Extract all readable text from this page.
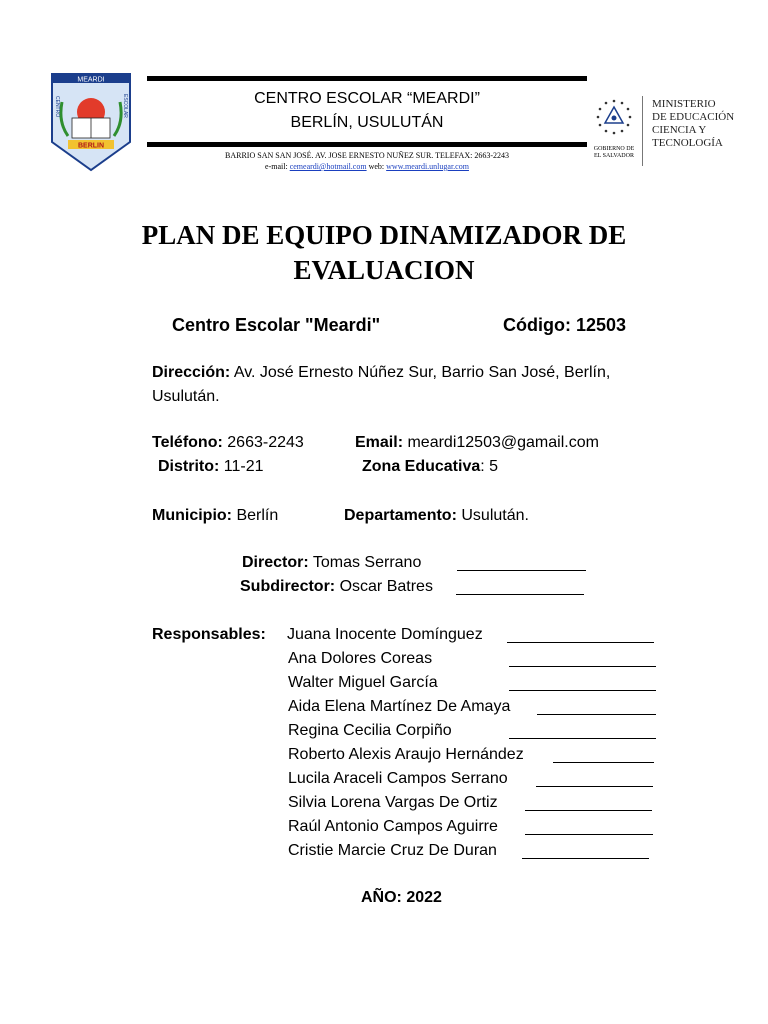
MEARDI
BERLIN
CENTRO	ESCOLAR	CENTRO ESCOLAR “MEARDI”
BERLÍN, USULUTÁN
BARRIO SAN SAN JOSÉ. AV. JOSE ERNESTO NUÑEZ SUR. TELEFAX: 2663-2243
e-mail: cemeardi@hotmail.com web: www.meardi.unlugar.com
GOBIERNO DE
EL SALVADOR
MINISTERIO
DE EDUCACIÓN
CIENCIA Y
TECNOLOGÍA
PLAN DE EQUIPO DINAMIZADOR DE
EVALUACION
Centro Escolar "Meardi"	Código: 12503
Dirección: Av. José Ernesto Núñez Sur, Barrio San José, Berlín,
Usulután.
Teléfono: 2663-2243	Email: meardi12503@gamail.com
Distrito: 11-21	Zona Educativa: 5
Municipio: Berlín	Departamento: Usulután.
Director: Tomas Serrano
Subdirector: Oscar Batres
Responsables: Juana Inocente Domínguez
Ana Dolores Coreas
Walter Miguel García
Aida Elena Martínez De Amaya
Regina Cecilia Corpiño
Roberto Alexis Araujo Hernández
Lucila Araceli Campos Serrano
Silvia Lorena Vargas De Ortiz
Raúl Antonio Campos Aguirre
Cristie Marcie Cruz De Duran
AÑO: 2022
